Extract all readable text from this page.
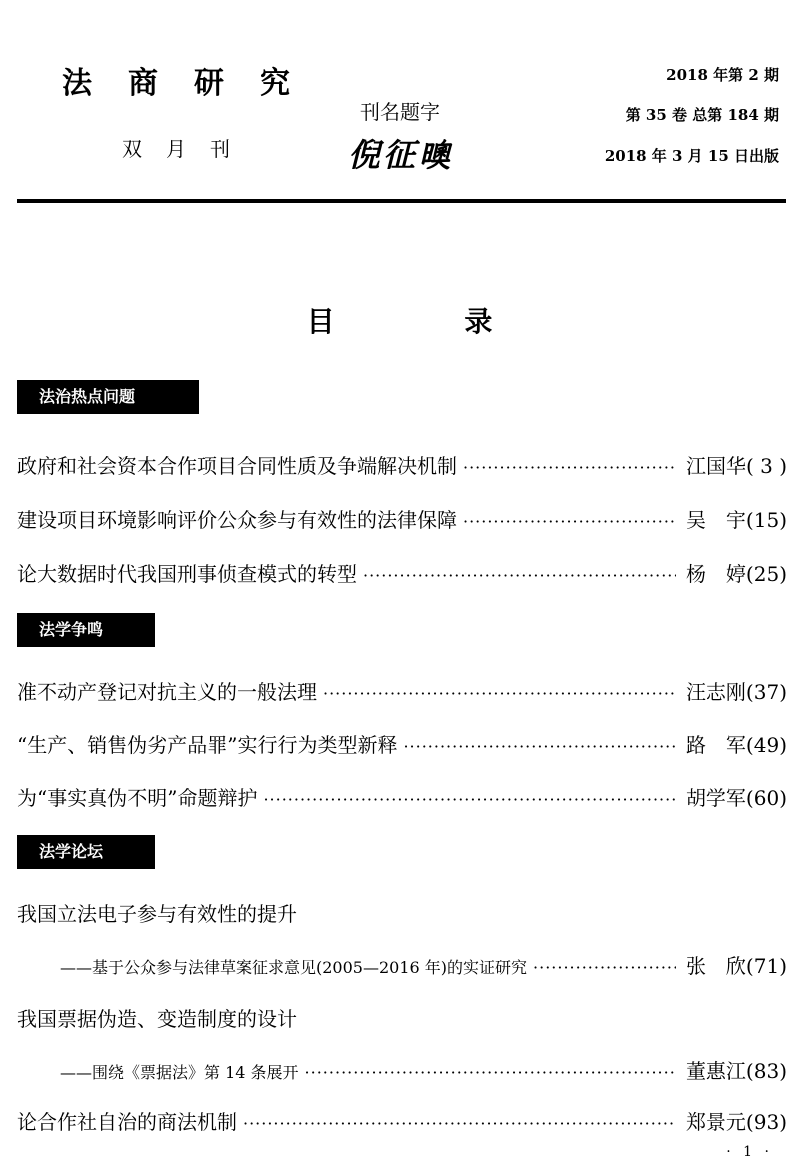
法商研究
双月刊
刊名题字
倪征𣋉
2018 年第 2 期
第 35 卷 总第 184 期
2018 年 3 月 15 日出版
目 录
法治热点问题
政府和社会资本合作项目合同性质及争端解决机制 ·····	江国华( 3 )
建设项目环境影响评价公众参与有效性的法律保障 ·····	吴　宇(15)
论大数据时代我国刑事侦查模式的转型 ·····	杨　婷(25)
法学争鸣
准不动产登记对抗主义的一般法理 ·····	汪志刚(37)
“生产、销售伪劣产品罪”实行行为类型新释 ·····	路　军(49)
为“事实真伪不明”命题辩护 ·····	胡学军(60)
法学论坛
我国立法电子参与有效性的提升
——基于公众参与法律草案征求意见(2005—2016 年)的实证研究 ·····	张　欣(71)
我国票据伪造、变造制度的设计
——围绕《票据法》第 14 条展开 ·····	董惠江(83)
论合作社自治的商法机制 ·····	郑景元(93)
· 1 ·
